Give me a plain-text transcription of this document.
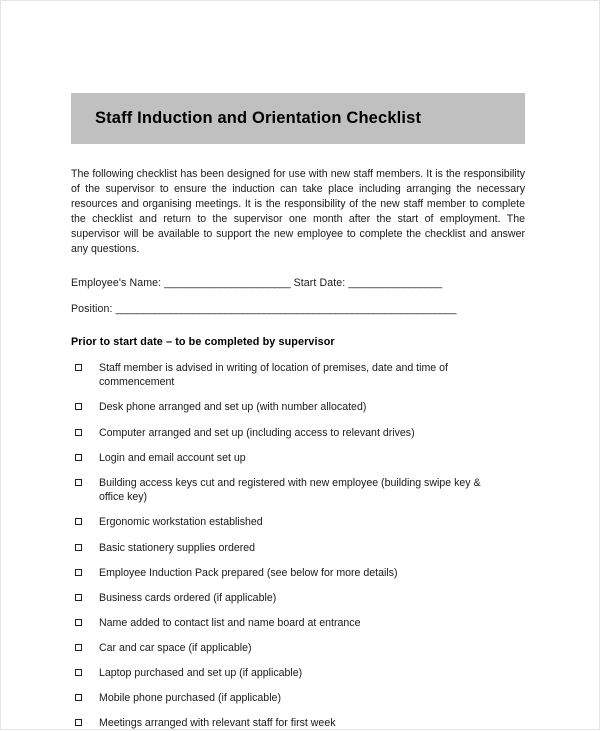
Staff Induction and Orientation Checklist

The following checklist has been designed for use with new staff members. It is the responsibility of the supervisor to ensure the induction can take place including arranging the necessary resources and organising meetings. It is the responsibility of the new staff member to complete the checklist and return to the supervisor one month after the start of employment. The supervisor will be available to support the new employee to complete the checklist and answer any questions.

Employee's Name: _______________________ Start Date: _________________
Position: ______________________________________________________________
Prior to start date – to be completed by supervisor
Staff member is advised in writing of location of premises, date and time of commencement
Desk phone arranged and set up (with number allocated)
Computer arranged and set up (including access to relevant drives)
Login and email account set up
Building access keys cut and registered with new employee (building swipe key & office key)
Ergonomic workstation established
Basic stationery supplies ordered
Employee Induction Pack prepared (see below for more details)
Business cards ordered (if applicable)
Name added to contact list and name board at entrance
Car and car space (if applicable)
Laptop purchased and set up (if applicable)
Mobile phone purchased (if applicable)
Meetings arranged with relevant staff for first week
